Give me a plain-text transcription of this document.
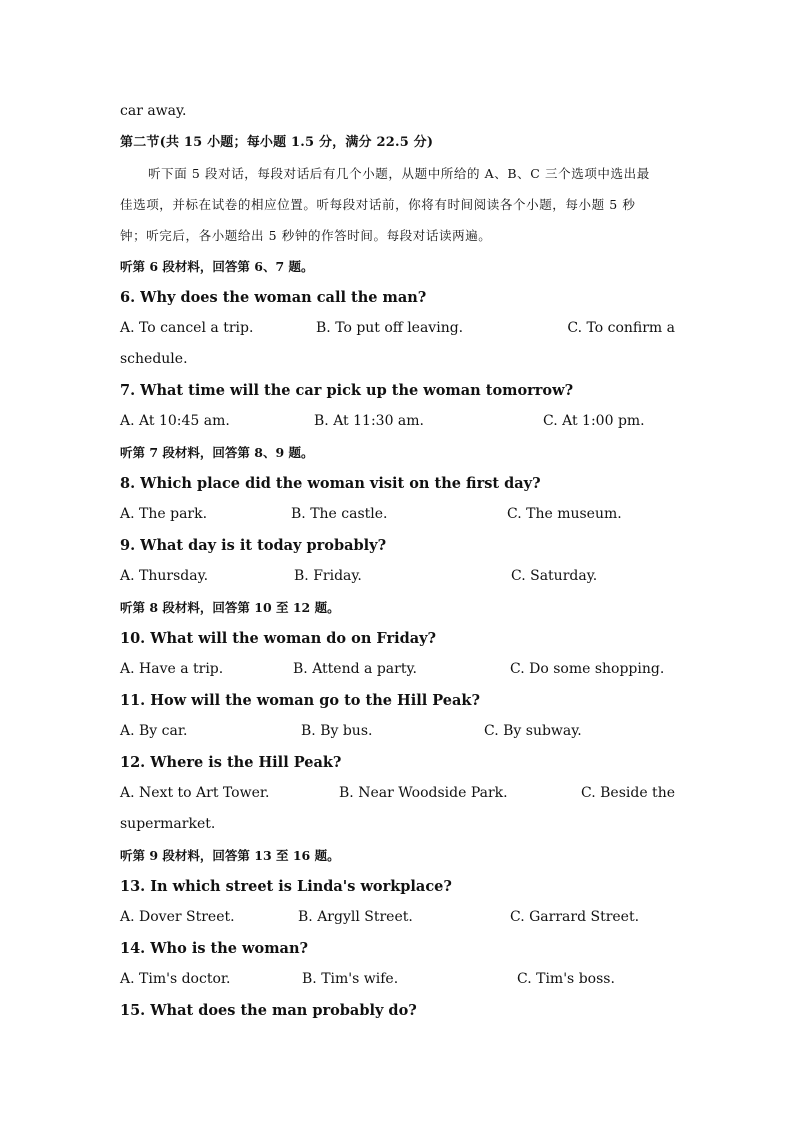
car away.
第二节(共 15 小题；每小题 1.5 分，满分 22.5 分)
听下面 5 段对话，每段对话后有几个小题，从题中所给的 A、B、C 三个选项中选出最
佳选项，并标在试卷的相应位置。听每段对话前，你将有时间阅读各个小题，每小题 5 秒
钟；听完后，各小题给出 5 秒钟的作答时间。每段对话读两遍。
听第 6 段材料，回答第 6、7 题。
6. Why does the woman call the man?
A. To cancel a trip.	B. To put off leaving.	C. To confirm a
schedule.
7. What time will the car pick up the woman tomorrow?
A. At 10:45 am.	B. At 11:30 am.	C. At 1:00 pm.
听第 7 段材料，回答第 8、9 题。
8. Which place did the woman visit on the first day?
A. The park.	B. The castle.	C. The museum.
9. What day is it today probably?
A. Thursday.	B. Friday.	C. Saturday.
听第 8 段材料，回答第 10 至 12 题。
10. What will the woman do on Friday?
A. Have a trip.	B. Attend a party.	C. Do some shopping.
11. How will the woman go to the Hill Peak?
A. By car.	B. By bus.	C. By subway.
12. Where is the Hill Peak?
A. Next to Art Tower.	B. Near Woodside Park.	C. Beside the
supermarket.
听第 9 段材料，回答第 13 至 16 题。
13. In which street is Linda's workplace?
A. Dover Street.	B. Argyll Street.	C. Garrard Street.
14. Who is the woman?
A. Tim's doctor.	B. Tim's wife.	C. Tim's boss.
15. What does the man probably do?
